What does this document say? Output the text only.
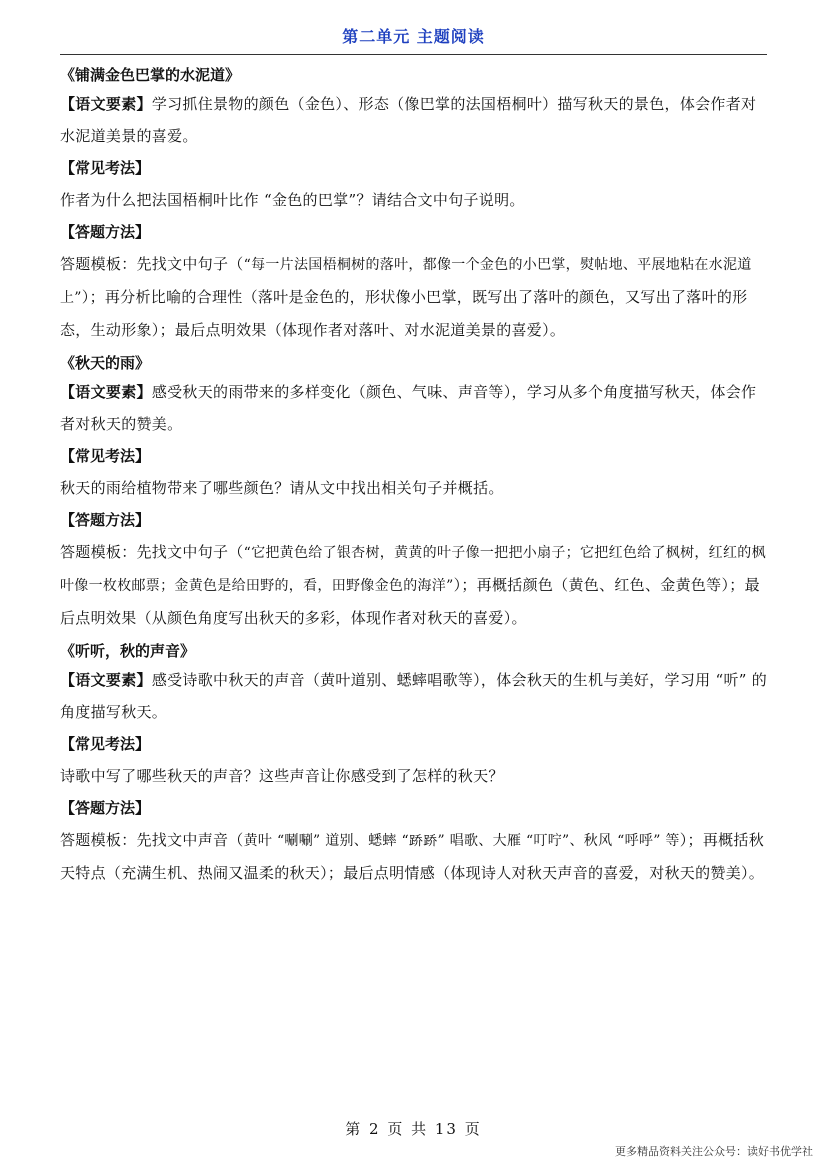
第二单元 主题阅读
《铺满金色巴掌的水泥道》
【语文要素】学习抓住景物的颜色（金色）、形态（像巴掌的法国梧桐叶）描写秋天的景色，体会作者对水泥道美景的喜爱。
【常见考法】
作者为什么把法国梧桐叶比作 “金色的巴掌”？请结合文中句子说明。
【答题方法】
答题模板：先找文中句子（“每一片法国梧桐树的落叶，都像一个金色的小巴掌，熨帖地、平展地粘在水泥道上”）；再分析比喻的合理性（落叶是金色的，形状像小巴掌，既写出了落叶的颜色，又写出了落叶的形态，生动形象）；最后点明效果（体现作者对落叶、对水泥道美景的喜爱）。
《秋天的雨》
【语文要素】感受秋天的雨带来的多样变化（颜色、气味、声音等），学习从多个角度描写秋天，体会作者对秋天的赞美。
【常见考法】
秋天的雨给植物带来了哪些颜色？请从文中找出相关句子并概括。
【答题方法】
答题模板：先找文中句子（“它把黄色给了银杏树，黄黄的叶子像一把把小扇子；它把红色给了枫树，红红的枫叶像一枚枚邮票；金黄色是给田野的，看，田野像金色的海洋”）；再概括颜色（黄色、红色、金黄色等）；最后点明效果（从颜色角度写出秋天的多彩，体现作者对秋天的喜爱）。
《听听，秋的声音》
【语文要素】感受诗歌中秋天的声音（黄叶道别、蟋蟀唱歌等），体会秋天的生机与美好，学习用 “听” 的角度描写秋天。
【常见考法】
诗歌中写了哪些秋天的声音？这些声音让你感受到了怎样的秋天？
【答题方法】
答题模板：先找文中声音（黄叶 “唰唰” 道别、蟋蟀 “𫏋𫏋” 唱歌、大雁 “叮咛”、秋风 “呼呼” 等）；再概括秋天特点（充满生机、热闹又温柔的秋天）；最后点明情感（体现诗人对秋天声音的喜爱，对秋天的赞美）。
第 2 页 共 13 页
更多精品资料关注公众号：读好书优学社
